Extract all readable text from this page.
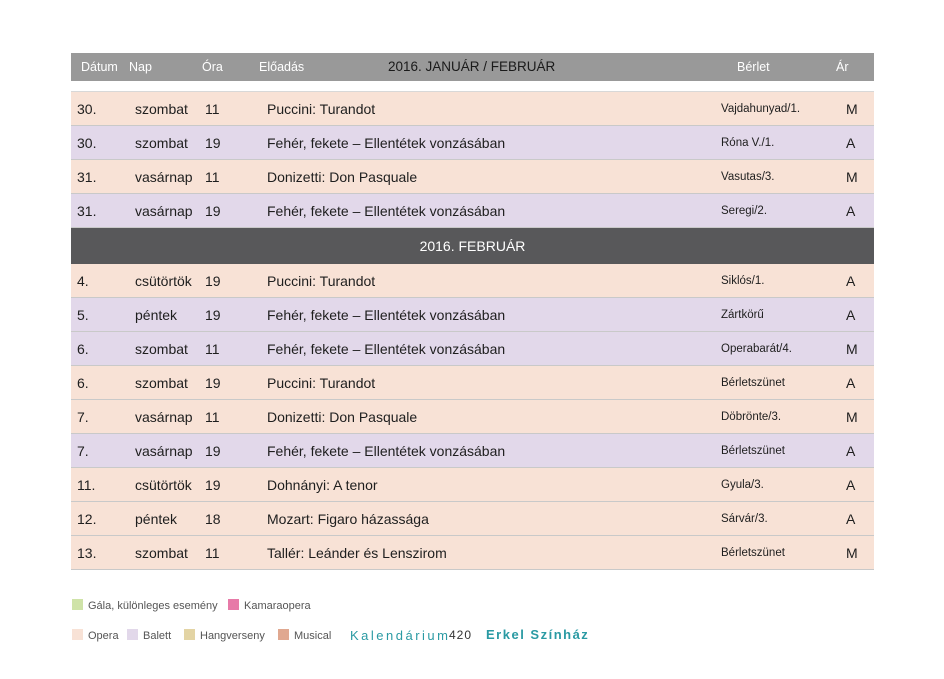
Dátum Nap	Óra	Előadás	2016. JANUÁR / FEBRUÁR	Bérlet	Ár
30.	szombat 11	Puccini: Turandot	Vajdahunyad/1.	M
30.	szombat 19	Fehér, fekete – Ellentétek vonzásában	Róna V./1.	A
31.	vasárnap 11	Donizetti: Don Pasquale	Vasutas/3.	M
31.	vasárnap 19	Fehér, fekete – Ellentétek vonzásában	Seregi/2.	A
2016. FEBRUÁR
4.	csütörtök 19	Puccini: Turandot	Siklós/1.	A
5.	péntek 19	Fehér, fekete – Ellentétek vonzásában	Zártkörű	A
6.	szombat 11	Fehér, fekete – Ellentétek vonzásában	Operabarát/4.	M
6.	szombat 19	Puccini: Turandot	Bérletszünet	A
7.	vasárnap 11	Donizetti: Don Pasquale	Döbrönte/3.	M
7.	vasárnap 19	Fehér, fekete – Ellentétek vonzásában	Bérletszünet	A
11.	csütörtök 19	Dohnányi: A tenor	Gyula/3.	A
12.	péntek 18	Mozart: Figaro házassága	Sárvár/3.	A
13.	szombat 11	Tallér: Leánder és Lenszirom	Bérletszünet	M
Gála, különleges esemény	Kamaraopera
Opera	Balett	Hangverseny	Musical Kalendárium
420 Erkel Színház
